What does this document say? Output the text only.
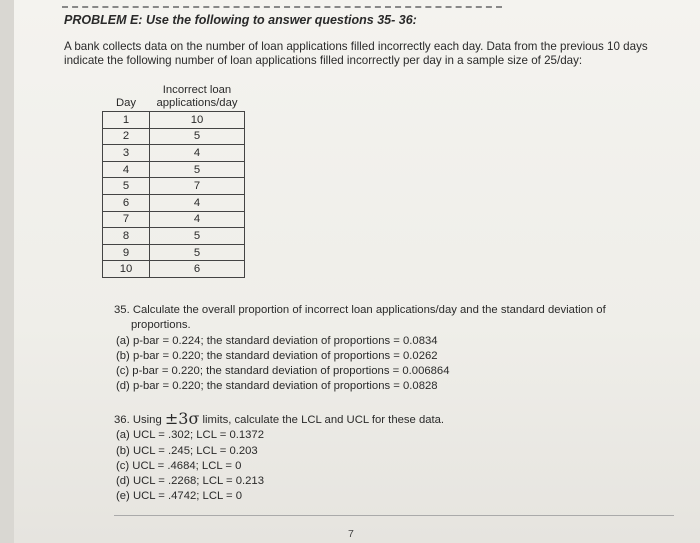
PROBLEM E: Use the following to answer questions 35- 36:
A bank collects data on the number of loan applications filled incorrectly each day. Data from the previous 10 days indicate the following number of loan applications filled incorrectly per day in a sample size of 25/day:
Day	Incorrect loan
applications/day
1	10
2	5
3	4
4	5
5	7
6	4
7	4
8	5
9	5
10	6
35. Calculate the overall proportion of incorrect loan applications/day and the standard deviation of
proportions.
(a) p-bar = 0.224; the standard deviation of proportions = 0.0834
(b) p-bar = 0.220; the standard deviation of proportions = 0.0262
(c) p-bar = 0.220; the standard deviation of proportions = 0.006864
(d) p-bar = 0.220; the standard deviation of proportions = 0.0828
36. Using ±3σ limits, calculate the LCL and UCL for these data.
(a) UCL = .302; LCL = 0.1372
(b) UCL = .245; LCL = 0.203
(c) UCL = .4684; LCL = 0
(d) UCL = .2268; LCL = 0.213
(e) UCL = .4742; LCL = 0
7
